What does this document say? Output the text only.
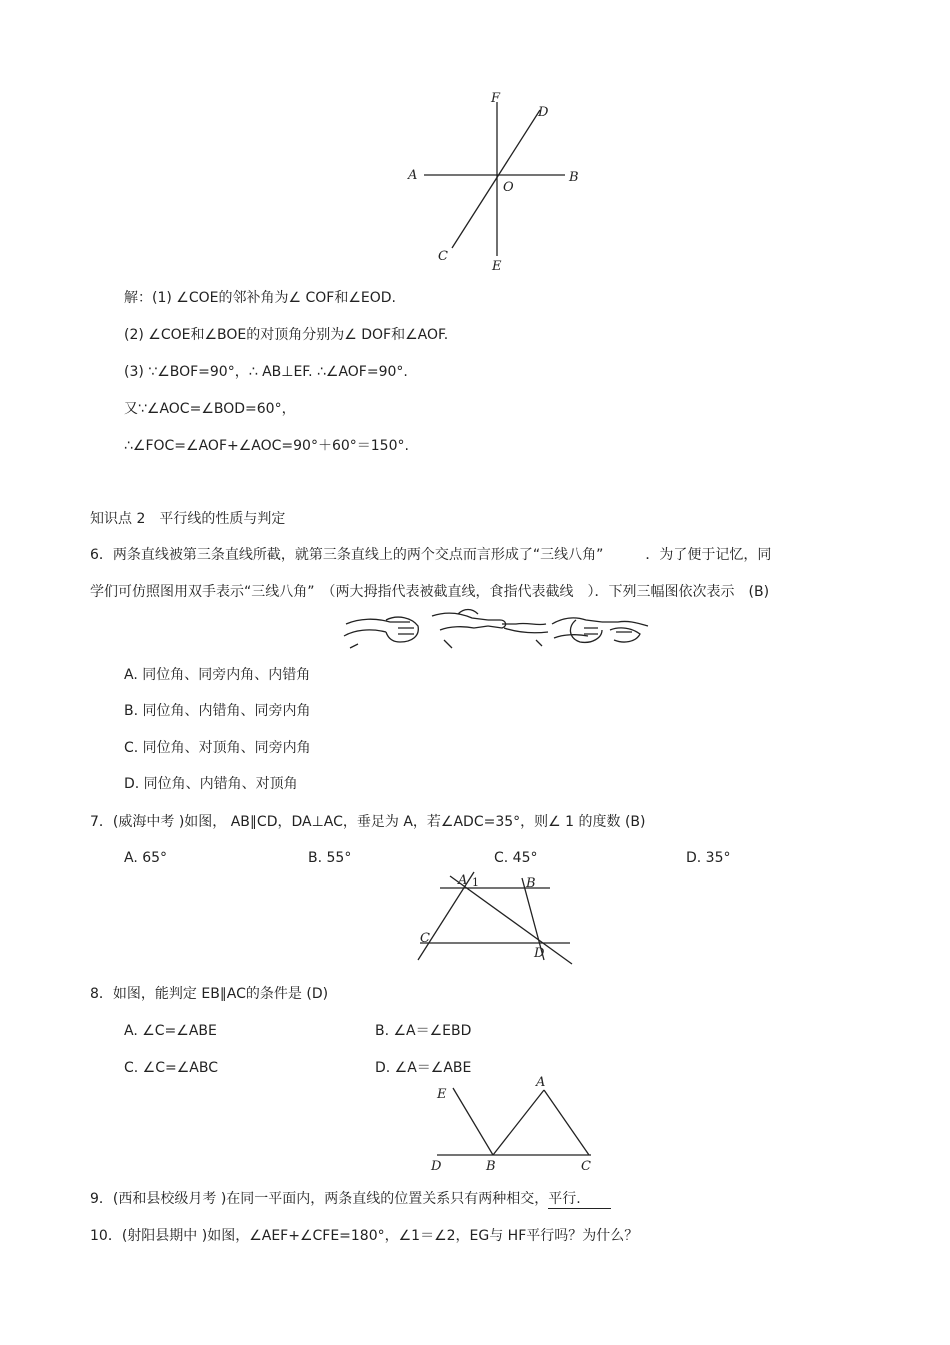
F
D
A
O
B
C
E
解：(1) ∠COE的邻补角为∠ COF和∠EOD.
(2) ∠COE和∠BOE的对顶角分别为∠ DOF和∠AOF.
(3) ∵∠BOF=90°，∴ AB⊥EF. ∴∠AOF=90°.
又∵∠AOC=∠BOD=60°，
∴∠FOC=∠AOF+∠AOC=90°＋60°＝150°.
知识点 2　平行线的性质与判定
6．两条直线被第三条直线所截，就第三条直线上的两个交点而言形成了“三线八角”　　　．为了便于记忆，同
学们可仿照图用双手表示“三线八角”　（两大拇指代表被截直线，食指代表截线　）．下列三幅图依次表示　(B)
A. 同位角、同旁内角、内错角
B. 同位角、内错角、同旁内角
C. 同位角、对顶角、同旁内角
D. 同位角、内错角、对顶角
7．(威海中考 )如图， AB∥CD，DA⊥AC，垂足为 A，若∠ADC=35°，则∠ 1 的度数 (B)
A. 65°	B. 55°	C. 45°	D. 35°
A 1	B
C
D
8．如图，能判定 EB∥AC的条件是 (D)
A. ∠C=∠ABE	B. ∠A＝∠EBD
C. ∠C=∠ABC	D. ∠A＝∠ABE
E
A
D	B	C
9．(西和县校级月考 )在同一平面内，两条直线的位置关系只有两种相交，平行.
10．(射阳县期中 )如图，∠AEF+∠CFE=180°，∠1＝∠2，EG与 HF平行吗？为什么？
